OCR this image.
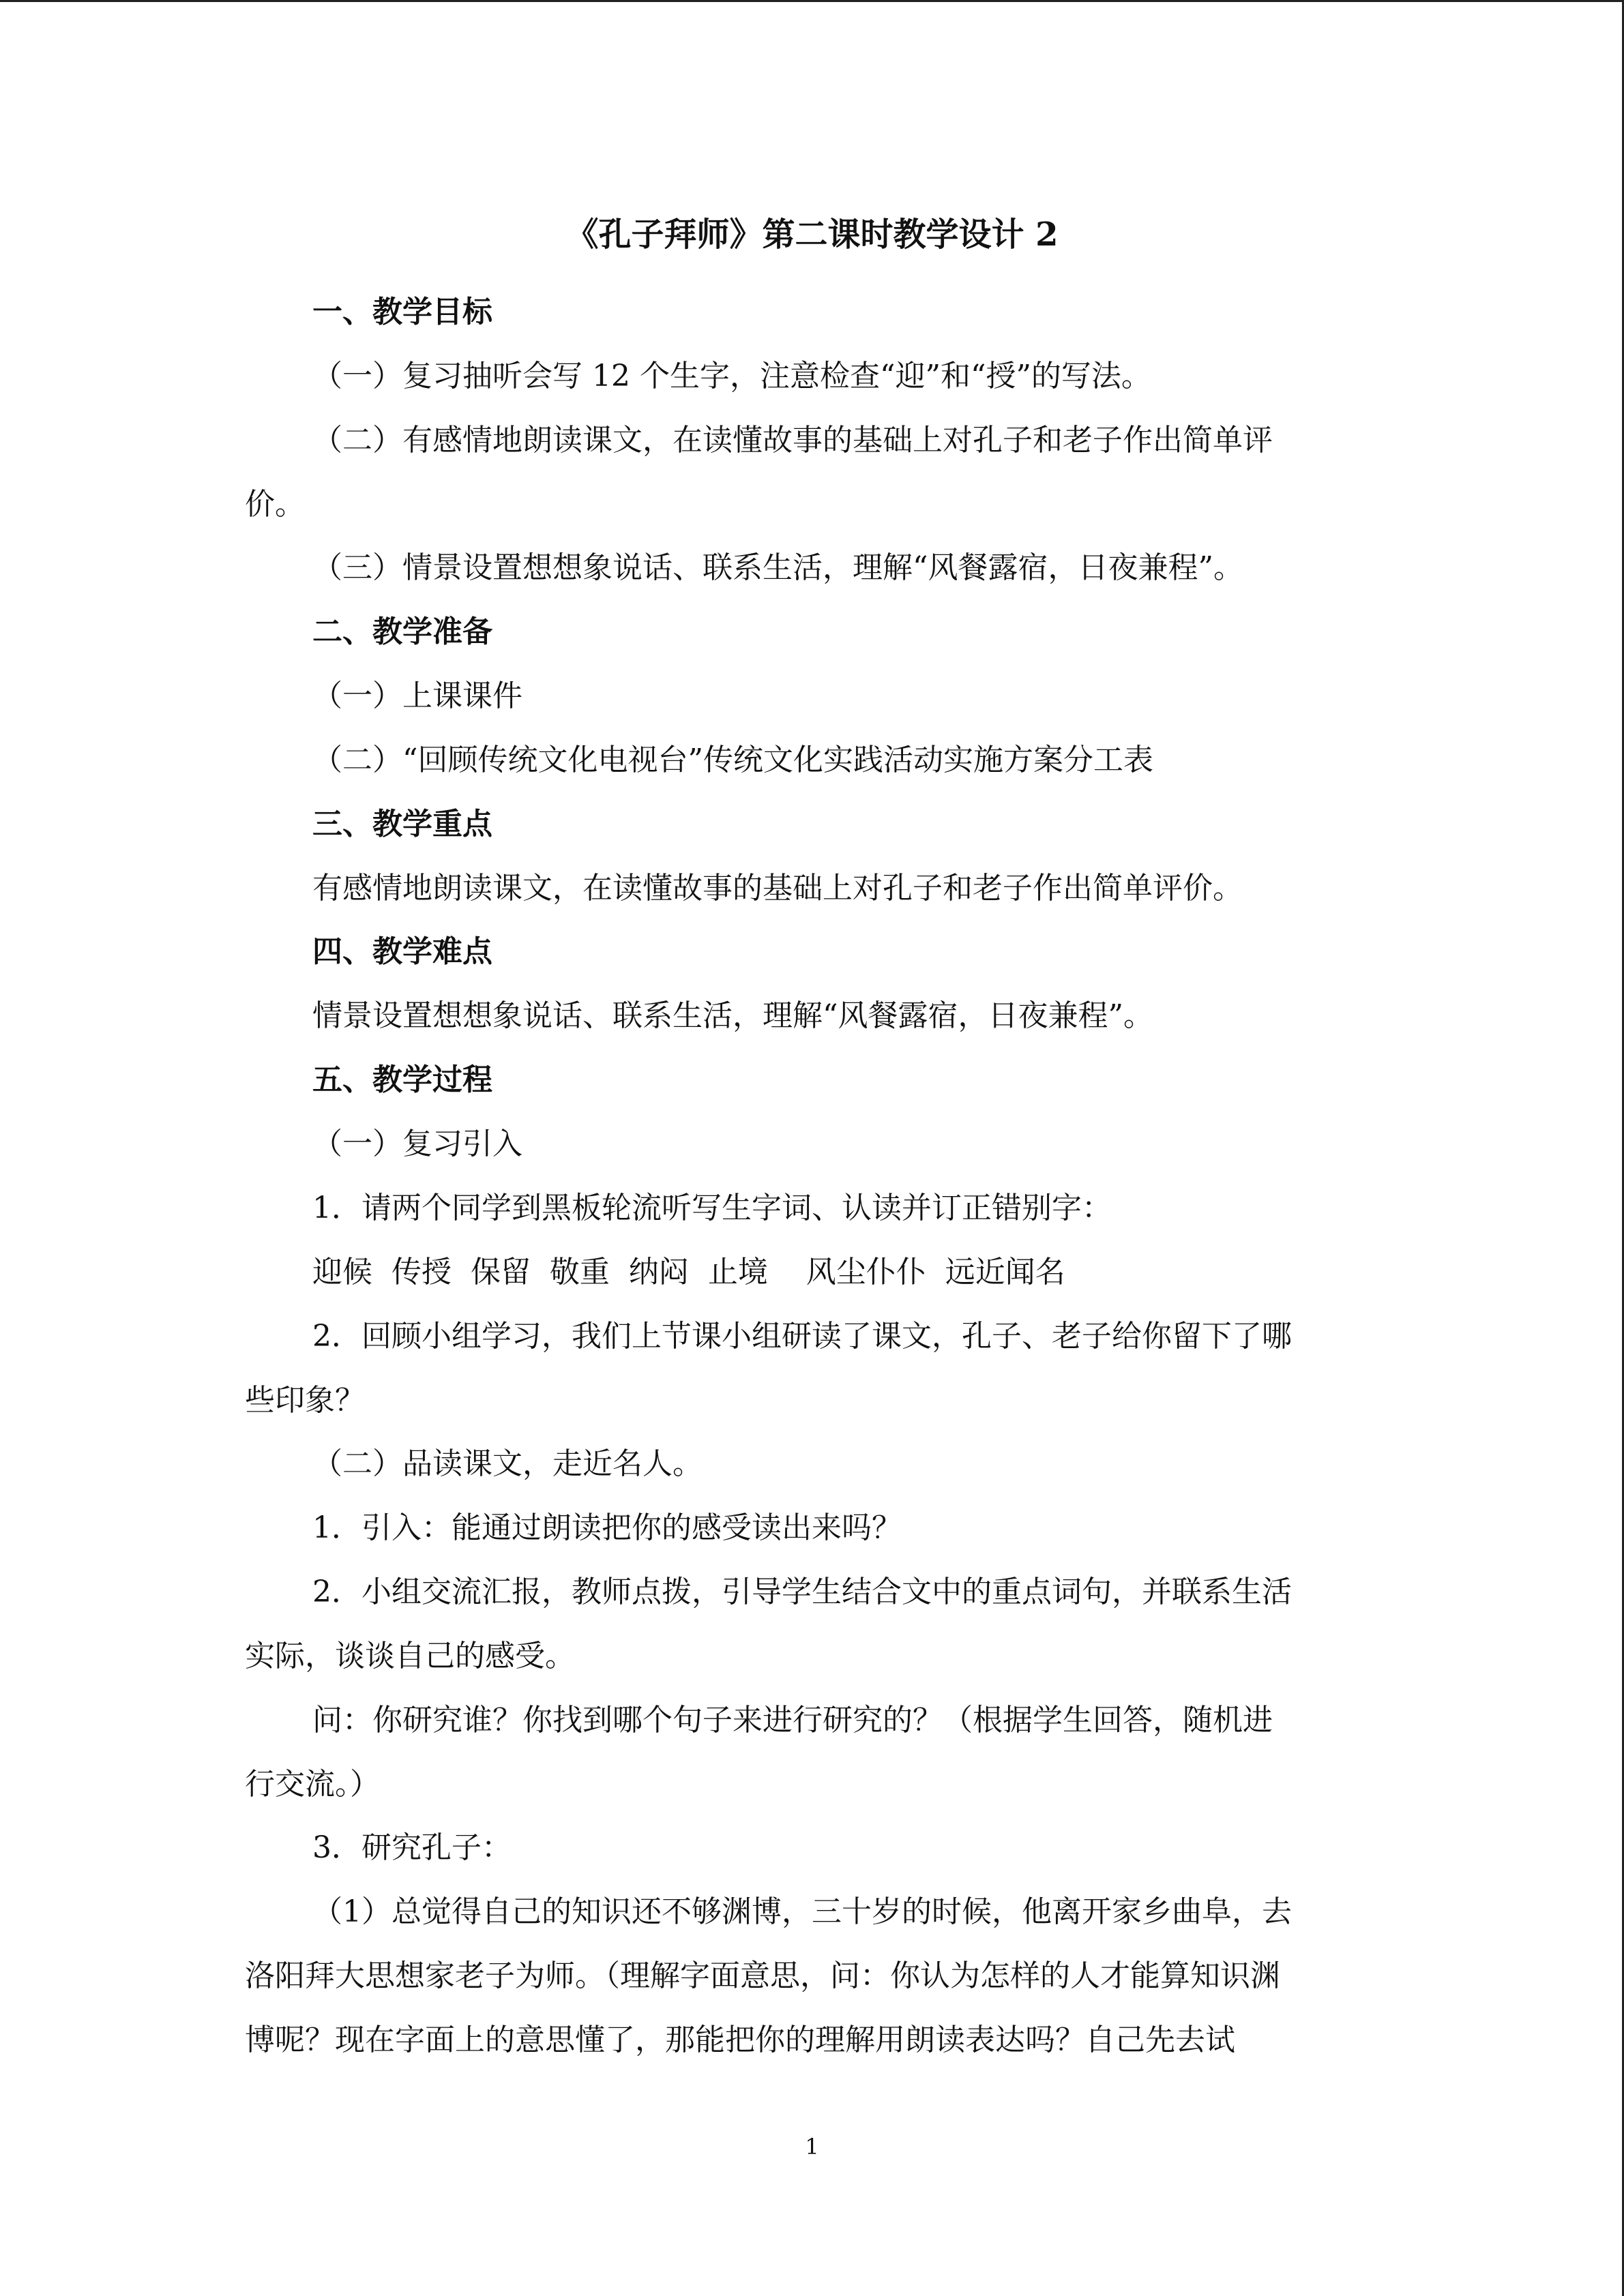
《孔子拜师》第二课时教学设计 2
一、教学目标
（一）复习抽听会写 12 个生字，注意检查“迎”和“授”的写法。
（二）有感情地朗读课文，在读懂故事的基础上对孔子和老子作出简单评
价。
（三）情景设置想想象说话、联系生活，理解“风餐露宿，日夜兼程”。
二、教学准备
（一）上课课件
（二）“回顾传统文化电视台”传统文化实践活动实施方案分工表
三、教学重点
有感情地朗读课文，在读懂故事的基础上对孔子和老子作出简单评价。
四、教学难点
情景设置想想象说话、联系生活，理解“风餐露宿，日夜兼程”。
五、教学过程
（一）复习引入
1．请两个同学到黑板轮流听写生字词、认读并订正错别字：
迎候  传授  保留  敬重  纳闷  止境    风尘仆仆  远近闻名
2．回顾小组学习，我们上节课小组研读了课文，孔子、老子给你留下了哪
些印象？
（二）品读课文，走近名人。
1．引入：能通过朗读把你的感受读出来吗？
2．小组交流汇报，教师点拨，引导学生结合文中的重点词句，并联系生活
实际，谈谈自己的感受。
问：你研究谁？你找到哪个句子来进行研究的？（根据学生回答，随机进
行交流。）
3．研究孔子：
（1）总觉得自己的知识还不够渊博，三十岁的时候，他离开家乡曲阜，去
洛阳拜大思想家老子为师。（理解字面意思，问：你认为怎样的人才能算知识渊
博呢？现在字面上的意思懂了，那能把你的理解用朗读表达吗？自己先去试
1
